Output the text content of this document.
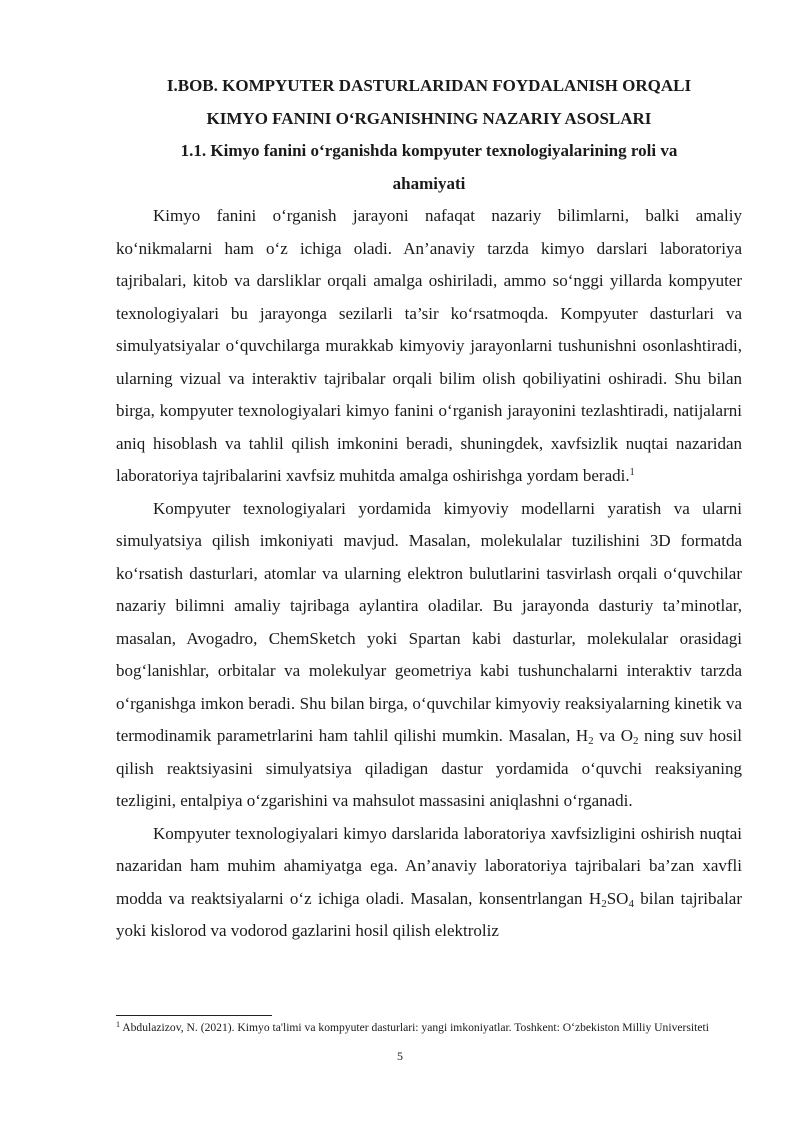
I.BOB. KOMPYUTER DASTURLARIDAN FOYDALANISH ORQALI

KIMYO FANINI O‘RGANISHNING NAZARIY ASOSLARI

1.1. Kimyo fanini o‘rganishda kompyuter texnologiyalarining roli va

ahamiyati

Kimyo fanini o‘rganish jarayoni nafaqat nazariy bilimlarni, balki amaliy ko‘nikmalarni ham o‘z ichiga oladi. An’anaviy tarzda kimyo darslari laboratoriya tajribalari, kitob va darsliklar orqali amalga oshiriladi, ammo so‘nggi yillarda kompyuter texnologiyalari bu jarayonga sezilarli ta’sir ko‘rsatmoqda. Kompyuter dasturlari va simulyatsiyalar o‘quvchilarga murakkab kimyoviy jarayonlarni tushunishni osonlashtiradi, ularning vizual va interaktiv tajribalar orqali bilim olish qobiliyatini oshiradi. Shu bilan birga, kompyuter texnologiyalari kimyo fanini o‘rganish jarayonini tezlashtiradi, natijalarni aniq hisoblash va tahlil qilish imkonini beradi, shuningdek, xavfsizlik nuqtai nazaridan laboratoriya tajribalarini xavfsiz muhitda amalga oshirishga yordam beradi.$^1$

Kompyuter texnologiyalari yordamida kimyoviy modellarni yaratish va ularni simulyatsiya qilish imkoniyati mavjud. Masalan, molekulalar tuzilishini 3D formatda ko‘rsatish dasturlari, atomlar va ularning elektron bulutlarini tasvirlash orqali o‘quvchilar nazariy bilimni amaliy tajribaga aylantira oladilar. Bu jarayonda dasturiy ta’minotlar, masalan, Avogadro, ChemSketch yoki Spartan kabi dasturlar, molekulalar orasidagi bog‘lanishlar, orbitalar va molekulyar geometriya kabi tushunchalarni interaktiv tarzda o‘rganishga imkon beradi. Shu bilan birga, o‘quvchilar kimyoviy reaksiyalarning kinetik va termodinamik parametrlarini ham tahlil qilishi mumkin. Masalan, $H_2$ va $O_2$ ning suv hosil qilish reaktsiyasini simulyatsiya qiladigan dastur yordamida o‘quvchi reaksiyaning tezligini, entalpiya o‘zgarishini va mahsulot massasini aniqlashni o‘rganadi.

Kompyuter texnologiyalari kimyo darslarida laboratoriya xavfsizligini oshirish nuqtai nazaridan ham muhim ahamiyatga ega. An’anaviy laboratoriya tajribalari ba’zan xavfli modda va reaktsiyalarni o‘z ichiga oladi. Masalan, konsentrlangan $H_2SO_4$ bilan tajribalar yoki kislorod va vodorod gazlarini hosil qilish elektroliz

$^1$ Abdulazizov, N. (2021). Kimyo ta'limi va kompyuter dasturlari: yangi imkoniyatlar. Toshkent: O‘zbekiston Milliy Universiteti

5
